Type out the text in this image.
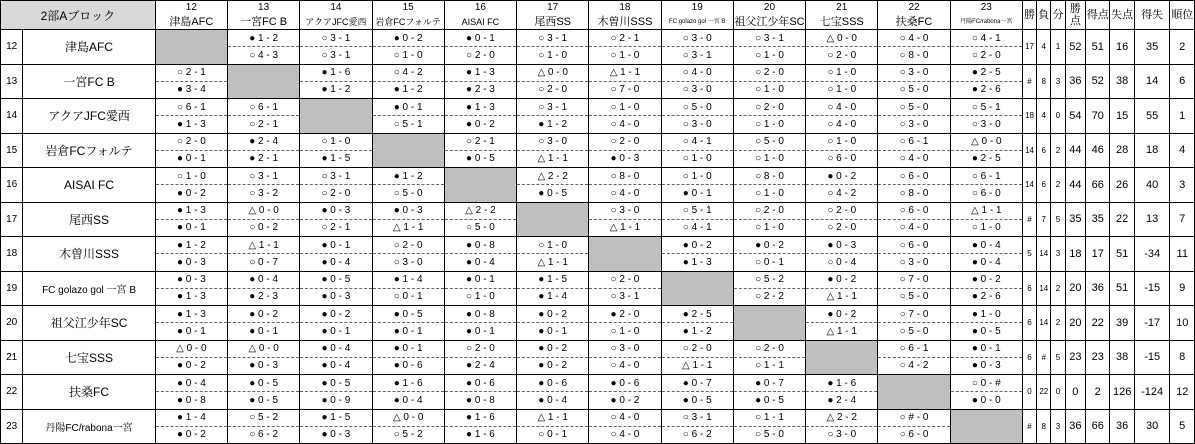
2部Aブロック		12	13	14	15	16	17	18	19	20	21	22	23	勝	負	分	勝点	得点	失点	得失	順位
		津島AFC	一宮FC B	アクアJFC愛西	岩倉FCフォルテ	AISAI FC	尾西SS	木曽川SSS	FC golazo gol 一宮 B	祖父江少年SC	七宝SSS	扶桑FC	丹陽FC/rabona一宮								
12	津島AFC		● 1 - 2	○ 3 - 1	● 0 - 2	● 0 - 1	○ 3 - 1	○ 2 - 1	○ 3 - 0	○ 3 - 1	△ 0 - 0	○ 4 - 0	○ 4 - 1	17	4	1	52	51	16	35	2
			○ 4 - 3	○ 3 - 1	○ 1 - 0	○ 2 - 0	○ 1 - 0	○ 1 - 0	○ 3 - 1	○ 1 - 0	○ 2 - 0	○ 8 - 0	○ 2 - 0								
13	一宮FC B	○ 2 - 1		● 1 - 6	○ 4 - 2	● 1 - 3	△ 0 - 0	△ 1 - 1	○ 4 - 0	○ 2 - 0	○ 1 - 0	○ 3 - 0	● 2 - 5	#	8	3	36	52	38	14	6
		● 3 - 4		● 1 - 2	● 1 - 2	● 2 - 3	○ 2 - 0	○ 7 - 0	○ 3 - 0	○ 1 - 0	○ 1 - 0	○ 5 - 0	● 2 - 6								
14	アクアJFC愛西	○ 6 - 1	○ 6 - 1		● 0 - 1	● 1 - 3	○ 3 - 1	○ 1 - 0	○ 5 - 0	○ 2 - 0	○ 4 - 0	○ 5 - 0	○ 5 - 1	18	4	0	54	70	15	55	1
		● 1 - 3	○ 2 - 1		○ 5 - 1	● 0 - 2	● 1 - 2	○ 4 - 0	○ 3 - 0	○ 1 - 0	○ 4 - 0	○ 3 - 0	○ 3 - 0								
15	岩倉FCフォルテ	○ 2 - 0	● 2 - 4	○ 1 - 0		○ 2 - 1	○ 3 - 0	○ 2 - 0	○ 4 - 1	○ 5 - 0	○ 1 - 0	○ 6 - 1	△ 0 - 0	14	6	2	44	46	28	18	4
		● 0 - 1	● 2 - 1	● 1 - 5		● 0 - 5	△ 1 - 1	● 0 - 3	○ 1 - 0	○ 1 - 0	○ 6 - 0	○ 4 - 0	● 2 - 5								
16	AISAI FC	○ 1 - 0	○ 3 - 1	○ 3 - 1	● 1 - 2		△ 2 - 2	○ 8 - 0	○ 1 - 0	○ 8 - 0	● 0 - 2	○ 6 - 0	○ 6 - 1	14	6	2	44	66	26	40	3
		● 0 - 2	○ 3 - 2	○ 2 - 0	○ 5 - 0		● 0 - 5	○ 4 - 0	● 0 - 1	○ 1 - 0	○ 4 - 2	○ 8 - 0	○ 6 - 0								
17	尾西SS	● 1 - 3	△ 0 - 0	● 0 - 3	● 0 - 3	△ 2 - 2		○ 3 - 0	○ 5 - 1	○ 2 - 0	○ 2 - 0	○ 6 - 0	△ 1 - 1	#	7	5	35	35	22	13	7
		● 0 - 1	○ 0 - 2	○ 2 - 1	△ 1 - 1	○ 5 - 0		△ 1 - 1	○ 4 - 1	○ 1 - 0	○ 2 - 0	○ 4 - 0	○ 1 - 0								
18	木曽川SSS	● 1 - 2	△ 1 - 1	● 0 - 1	○ 2 - 0	● 0 - 8	○ 1 - 0		● 0 - 2	● 0 - 2	● 0 - 3	○ 6 - 0	● 0 - 4	5	14	3	18	17	51	-34	11
		● 0 - 3	○ 0 - 7	● 0 - 4	○ 3 - 0	● 0 - 4	△ 1 - 1		● 1 - 3	○ 0 - 1	○ 0 - 4	○ 3 - 0	● 0 - 4								
19	FC golazo gol 一宮 B	● 0 - 3	● 0 - 4	● 0 - 5	● 1 - 4	● 0 - 1	● 1 - 5	○ 2 - 0		○ 5 - 2	● 0 - 2	○ 7 - 0	● 0 - 2	6	14	2	20	36	51	-15	9
		● 1 - 3	● 2 - 3	● 0 - 3	○ 0 - 1	○ 1 - 0	● 1 - 4	○ 3 - 1		○ 2 - 2	△ 1 - 1	○ 5 - 0	● 2 - 6								
20	祖父江少年SC	● 1 - 3	● 0 - 2	● 0 - 2	● 0 - 5	● 0 - 8	● 0 - 2	● 2 - 0	● 2 - 5		● 0 - 2	○ 7 - 0	● 1 - 0	6	14	2	20	22	39	-17	10
		● 0 - 1	● 0 - 1	● 0 - 1	● 0 - 1	● 0 - 1	● 0 - 1	○ 1 - 0	● 1 - 2		△ 1 - 1	○ 5 - 0	● 0 - 5								
21	七宝SSS	△ 0 - 0	△ 0 - 0	● 0 - 4	● 0 - 1	○ 2 - 0	● 0 - 2	○ 3 - 0	○ 2 - 0	○ 2 - 0		○ 6 - 1	● 0 - 1	6	#	5	23	23	38	-15	8
		● 0 - 2	● 0 - 3	● 0 - 4	● 0 - 6	● 2 - 4	● 0 - 2	○ 4 - 0	△ 1 - 1	○ 1 - 1		○ 4 - 2	● 0 - 3								
22	扶桑FC	● 0 - 4	● 0 - 5	● 0 - 5	● 1 - 6	● 0 - 6	● 0 - 6	● 0 - 6	● 0 - 7	● 0 - 7	● 1 - 6		○ 0 - #	0	22	0	0	2	126	-124	12
		● 0 - 8	● 0 - 5	● 0 - 9	● 0 - 4	● 0 - 8	● 0 - 4	● 0 - 2	● 0 - 5	● 0 - 5	● 2 - 4		● 0 - 0								
23	丹陽FC/rabona一宮	● 1 - 4	○ 5 - 2	● 1 - 5	△ 0 - 0	● 1 - 6	△ 1 - 1	○ 4 - 0	○ 3 - 1	○ 1 - 1	△ 2 - 2	○ # - 0		#	8	3	36	66	36	30	5
		● 0 - 2	○ 6 - 2	● 0 - 3	○ 5 - 2	● 1 - 6	○ 0 - 1	○ 4 - 0	○ 6 - 2	○ 5 - 0	○ 3 - 0	○ 6 - 0									
